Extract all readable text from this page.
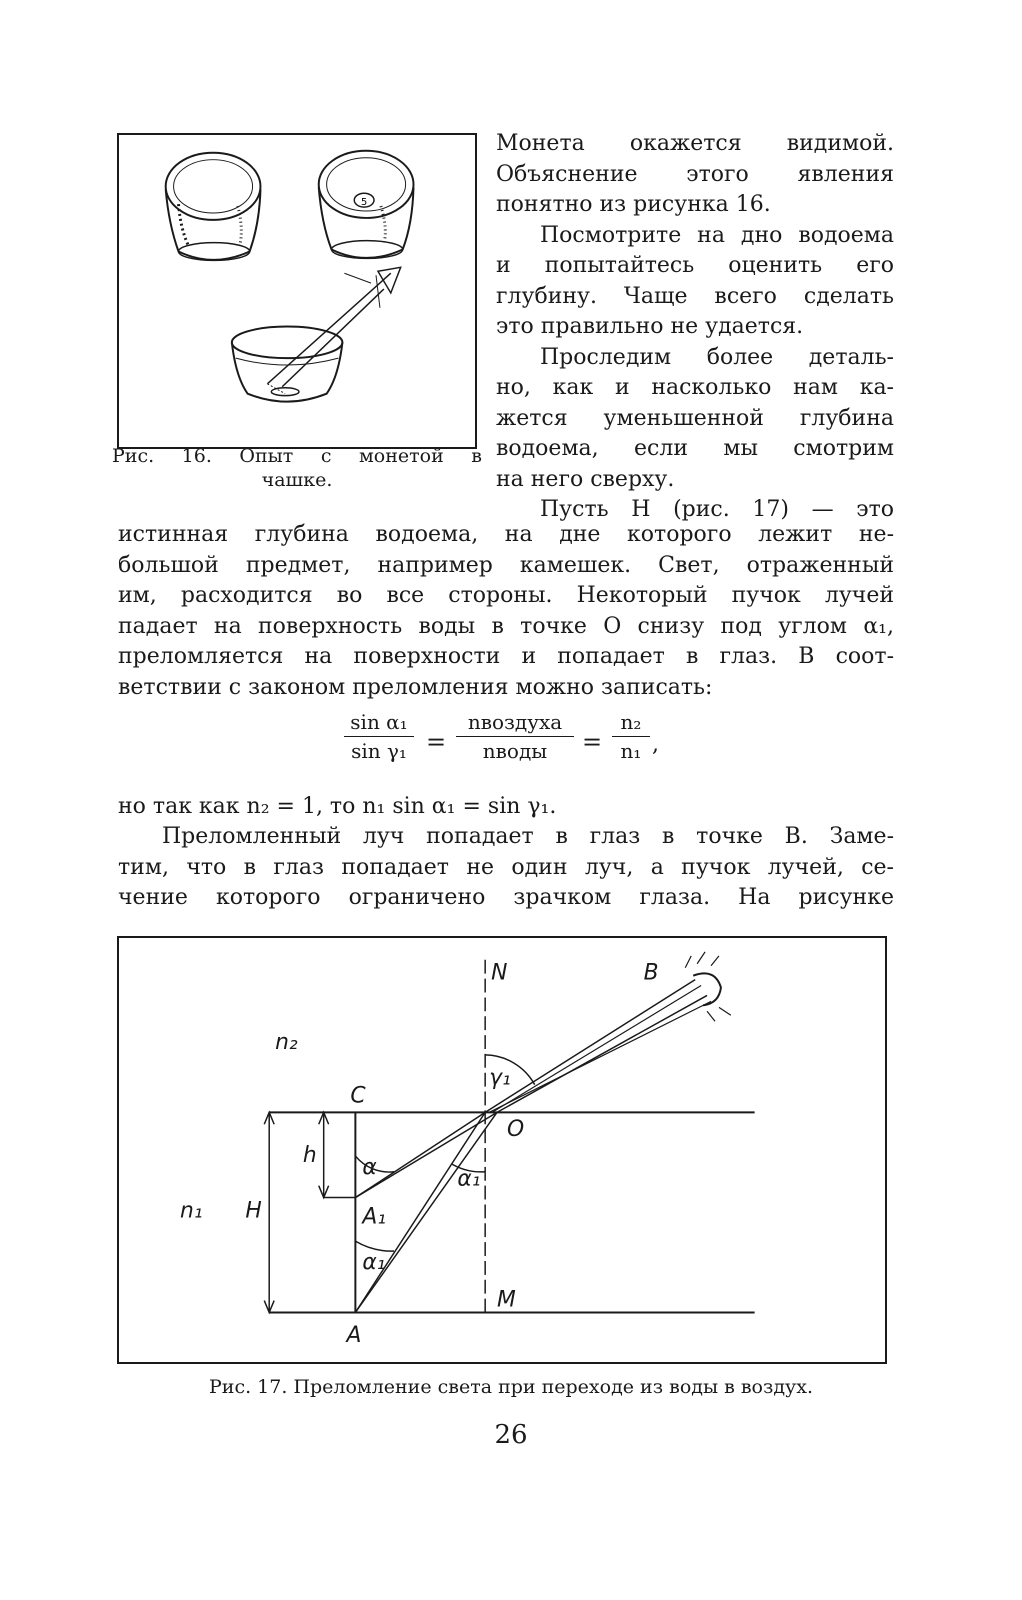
5
Рис. 16. Опыт с монетой в
чашке.
Монета окажется видимой.
Объяснение этого явления
понятно из рисунка 16.
Посмотрите на дно водоема
и попытайтесь оценить его
глубину. Чаще всего сделать
это правильно не удается.
Проследим более деталь-
но, как и насколько нам ка-
жется уменьшенной глубина
водоема, если мы смотрим
на него сверху.
Пусть H (рис. 17) — это
истинная глубина водоема, на дне которого лежит не-
большой предмет, например камешек. Свет, отраженный
им, расходится во все стороны. Некоторый пучок лучей
падает на поверхность воды в точке O снизу под углом α₁,
преломляется на поверхности и попадает в глаз. В соот-
ветствии с законом преломления можно записать:
$\frac{\text{sin α₁}}{\text{sin γ₁}}$ =
nвоздуха
nводы	= $\frac{\text{n₂}}{\text{n₁}}$ ,
но так как n₂ = 1, то n₁ sin α₁ = sin γ₁.
Преломленный луч попадает в глаз в точке B. Заме-
тим, что в глаз попадает не один луч, а пучок лучей, се-
чение которого ограничено зрачком глаза. На рисунке
N	B
n₂
n₁
C
O
h
H
α	α₁
α₁
γ₁
A₁
M
A
Рис. 17. Преломление света при переходе из воды в воздух.
26
